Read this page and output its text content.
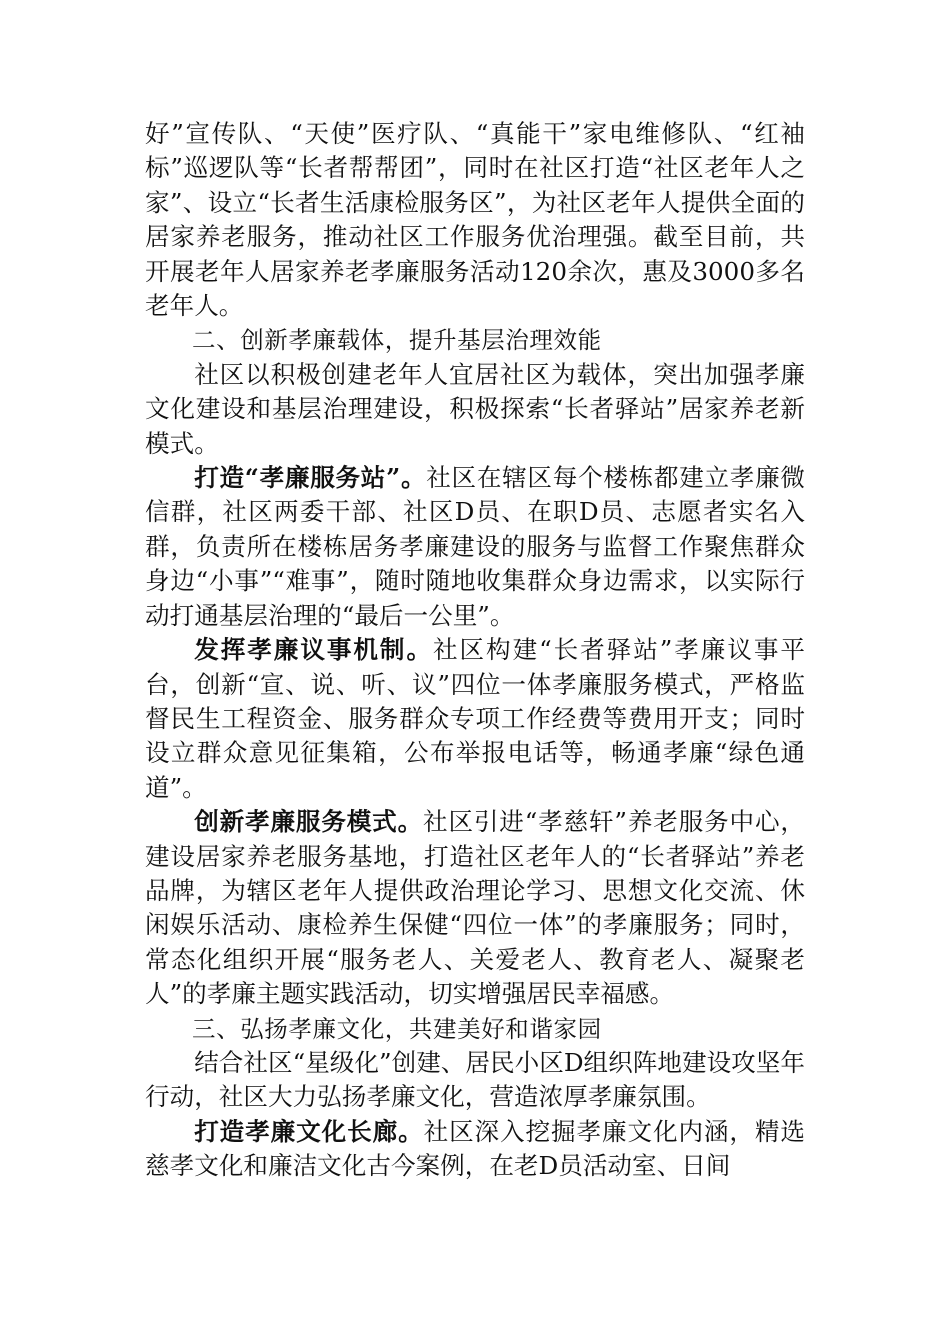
好”宣传队、“天使”医疗队、“真能干”家电维修队、“红袖标”巡逻队等“长者帮帮团”，同时在社区打造“社区老年人之家”、设立“长者生活康检服务区”，为社区老年人提供全面的居家养老服务，推动社区工作服务优治理强。截至目前，共开展老年人居家养老孝廉服务活动120余次，惠及3000多名老年人。

二、创新孝廉载体，提升基层治理效能

社区以积极创建老年人宜居社区为载体，突出加强孝廉文化建设和基层治理建设，积极探索“长者驿站”居家养老新模式。

打造“孝廉服务站”。社区在辖区每个楼栋都建立孝廉微信群，社区两委干部、社区D员、在职D员、志愿者实名入群，负责所在楼栋居务孝廉建设的服务与监督工作聚焦群众身边“小事”“难事”，随时随地收集群众身边需求，以实际行动打通基层治理的“最后一公里”。

发挥孝廉议事机制。社区构建“长者驿站”孝廉议事平台，创新“宣、说、听、议”四位一体孝廉服务模式，严格监督民生工程资金、服务群众专项工作经费等费用开支；同时设立群众意见征集箱，公布举报电话等，畅通孝廉“绿色通道”。

创新孝廉服务模式。社区引进“孝慈轩”养老服务中心，建设居家养老服务基地，打造社区老年人的“长者驿站”养老品牌，为辖区老年人提供政治理论学习、思想文化交流、休闲娱乐活动、康检养生保健“四位一体”的孝廉服务；同时，常态化组织开展“服务老人、关爱老人、教育老人、凝聚老人”的孝廉主题实践活动，切实增强居民幸福感。

三、弘扬孝廉文化，共建美好和谐家园

结合社区“星级化”创建、居民小区D组织阵地建设攻坚年行动，社区大力弘扬孝廉文化，营造浓厚孝廉氛围。

打造孝廉文化长廊。社区深入挖掘孝廉文化内涵，精选慈孝文化和廉洁文化古今案例，在老D员活动室、日间
